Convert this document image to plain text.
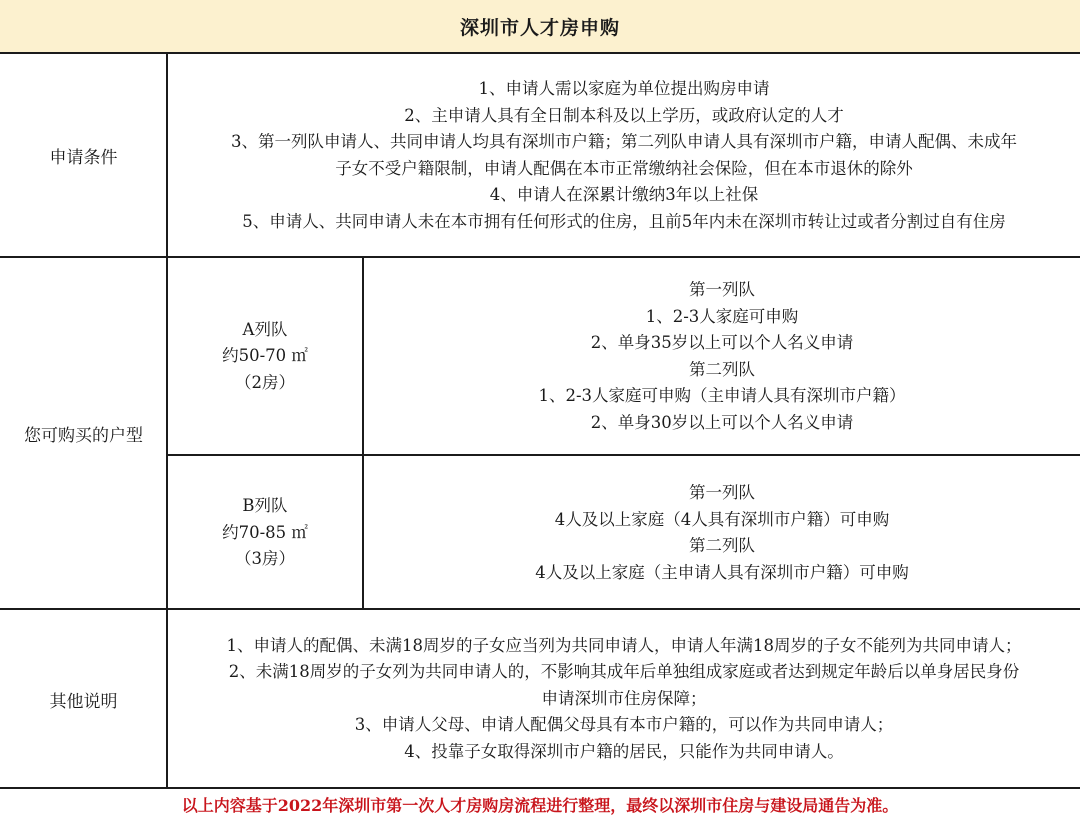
深圳市人才房申购
申请条件
1、申请人需以家庭为单位提出购房申请
2、主申请人具有全日制本科及以上学历，或政府认定的人才
3、第一列队申请人、共同申请人均具有深圳市户籍；第二列队申请人具有深圳市户籍，申请人配偶、未成年
子女不受户籍限制，申请人配偶在本市正常缴纳社会保险，但在本市退休的除外
4、申请人在深累计缴纳3年以上社保
5、申请人、共同申请人未在本市拥有任何形式的住房，且前5年内未在深圳市转让过或者分割过自有住房
您可购买的户型
A列队
约50-70 ㎡
（2房）
第一列队
1、2-3人家庭可申购
2、单身35岁以上可以个人名义申请
第二列队
1、2-3人家庭可申购（主申请人具有深圳市户籍）
2、单身30岁以上可以个人名义申请
B列队
约70-85 ㎡
（3房）
第一列队
4人及以上家庭（4人具有深圳市户籍）可申购
第二列队
4人及以上家庭（主申请人具有深圳市户籍）可申购
其他说明
1、申请人的配偶、未满18周岁的子女应当列为共同申请人，申请人年满18周岁的子女不能列为共同申请人；
2、未满18周岁的子女列为共同申请人的，不影响其成年后单独组成家庭或者达到规定年龄后以单身居民身份
申请深圳市住房保障；
3、申请人父母、申请人配偶父母具有本市户籍的，可以作为共同申请人；
4、投靠子女取得深圳市户籍的居民，只能作为共同申请人。
以上内容基于2022年深圳市第一次人才房购房流程进行整理，最终以深圳市住房与建设局通告为准。
